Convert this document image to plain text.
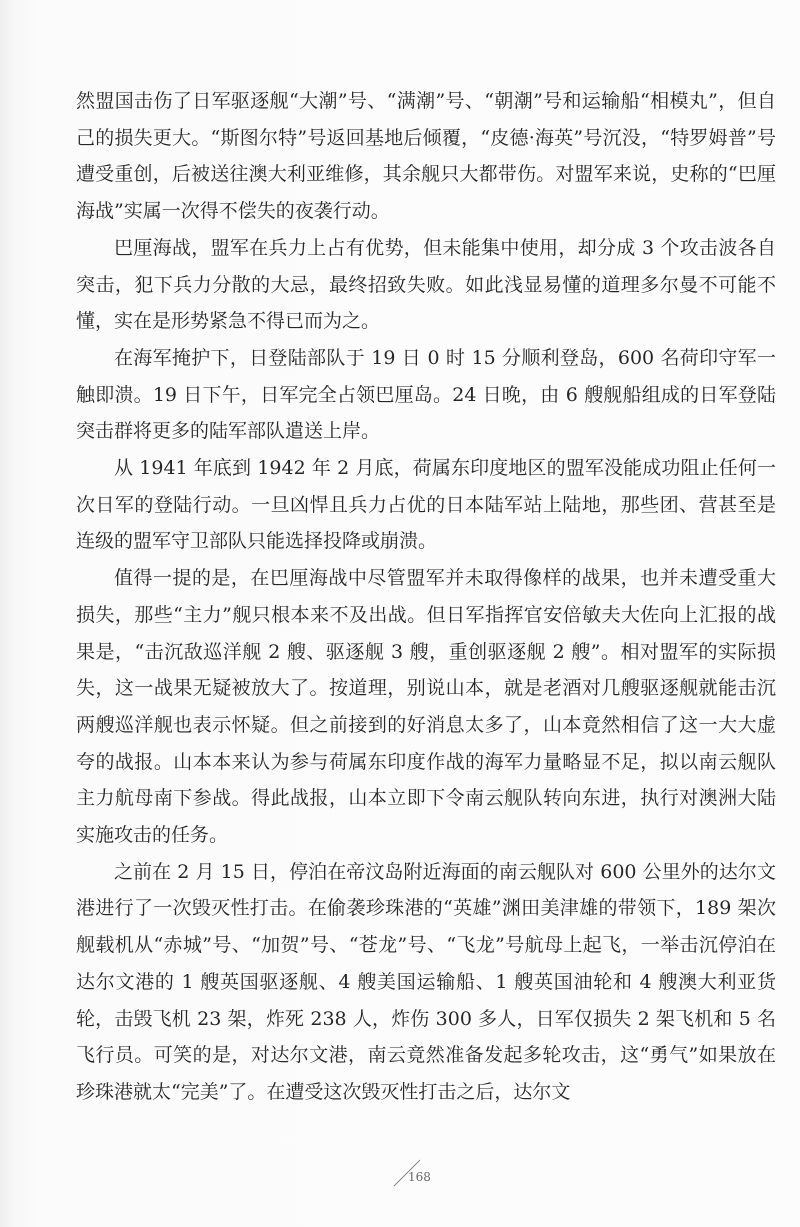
然盟国击伤了日军驱逐舰“大潮”号、“满潮”号、“朝潮”号和运输船“相模丸”，但自己的损失更大。“斯图尔特”号返回基地后倾覆，“皮德·海英”号沉没，“特罗姆普”号遭受重创，后被送往澳大利亚维修，其余舰只大都带伤。对盟军来说，史称的“巴厘海战”实属一次得不偿失的夜袭行动。

巴厘海战，盟军在兵力上占有优势，但未能集中使用，却分成 3 个攻击波各自突击，犯下兵力分散的大忌，最终招致失败。如此浅显易懂的道理多尔曼不可能不懂，实在是形势紧急不得已而为之。

在海军掩护下，日登陆部队于 19 日 0 时 15 分顺利登岛，600 名荷印守军一触即溃。19 日下午，日军完全占领巴厘岛。24 日晚，由 6 艘舰船组成的日军登陆突击群将更多的陆军部队遣送上岸。

从 1941 年底到 1942 年 2 月底，荷属东印度地区的盟军没能成功阻止任何一次日军的登陆行动。一旦凶悍且兵力占优的日本陆军站上陆地，那些团、营甚至是连级的盟军守卫部队只能选择投降或崩溃。

值得一提的是，在巴厘海战中尽管盟军并未取得像样的战果，也并未遭受重大损失，那些“主力”舰只根本来不及出战。但日军指挥官安倍敏夫大佐向上汇报的战果是，“击沉敌巡洋舰 2 艘、驱逐舰 3 艘，重创驱逐舰 2 艘”。相对盟军的实际损失，这一战果无疑被放大了。按道理，别说山本，就是老酒对几艘驱逐舰就能击沉两艘巡洋舰也表示怀疑。但之前接到的好消息太多了，山本竟然相信了这一大大虚夸的战报。山本本来认为参与荷属东印度作战的海军力量略显不足，拟以南云舰队主力航母南下参战。得此战报，山本立即下令南云舰队转向东进，执行对澳洲大陆实施攻击的任务。

之前在 2 月 15 日，停泊在帝汶岛附近海面的南云舰队对 600 公里外的达尔文港进行了一次毁灭性打击。在偷袭珍珠港的“英雄”渊田美津雄的带领下，189 架次舰载机从“赤城”号、“加贺”号、“苍龙”号、“飞龙”号航母上起飞，一举击沉停泊在达尔文港的 1 艘英国驱逐舰、4 艘美国运输船、1 艘英国油轮和 4 艘澳大利亚货轮，击毁飞机 23 架，炸死 238 人，炸伤 300 多人，日军仅损失 2 架飞机和 5 名飞行员。可笑的是，对达尔文港，南云竟然准备发起多轮攻击，这“勇气”如果放在珍珠港就太“完美”了。在遭受这次毁灭性打击之后，达尔文

168
